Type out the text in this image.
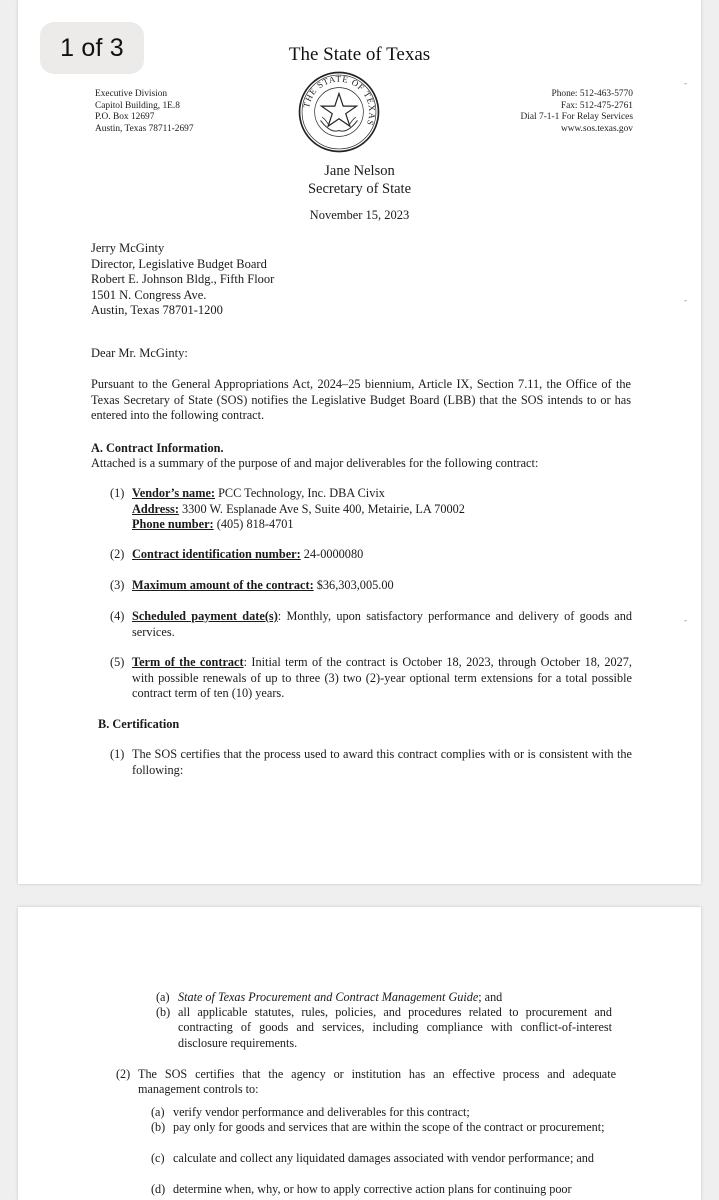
1 of 3	The State of Texas
Executive Division
Capitol Building, 1E.8
P.O. Box 12697
Austin, Texas 78711-2697
THE STATE OF TEXAS
Phone: 512-463-5770
Fax: 512-475-2761
Dial 7-1-1 For Relay Services
www.sos.texas.gov
Jane Nelson
Secretary of State
November 15, 2023
Jerry McGinty
Director, Legislative Budget Board
Robert E. Johnson Bldg., Fifth Floor
1501 N. Congress Ave.
Austin, Texas 78701-1200
Dear Mr. McGinty:
Pursuant to the General Appropriations Act, 2024–25 biennium, Article IX, Section 7.11, the Office of the Texas Secretary of State (SOS) notifies the Legislative Budget Board (LBB) that the SOS intends to or has entered into the following contract.
A. Contract Information.
Attached is a summary of the purpose of and major deliverables for the following contract:
(1) Vendor’s name: PCC Technology, Inc. DBA Civix
Address: 3300 W. Esplanade Ave S, Suite 400, Metairie, LA 70002
Phone number: (405) 818-4701
(2) Contract identification number: 24-0000080
(3) Maximum amount of the contract: $36,303,005.00
(4) Scheduled payment date(s): Monthly, upon satisfactory performance and delivery of goods and services.
(5) Term of the contract: Initial term of the contract is October 18, 2023, through October 18, 2027, with possible renewals of up to three (3) two (2)-year optional term extensions for a total possible contract term of ten (10) years.
B. Certification
(1) The SOS certifies that the process used to award this contract complies with or is consistent with the following:
-
-
-
(a) State of Texas Procurement and Contract Management Guide; and
(b) all applicable statutes, rules, policies, and procedures related to procurement and contracting of goods and services, including compliance with conflict-of-interest disclosure requirements.
(2) The SOS certifies that the agency or institution has an effective process and adequate management controls to:
(a) verify vendor performance and deliverables for this contract;
(b) pay only for goods and services that are within the scope of the contract or procurement;
(c) calculate and collect any liquidated damages associated with vendor performance; and
(d) determine when, why, or how to apply corrective action plans for continuing poor
